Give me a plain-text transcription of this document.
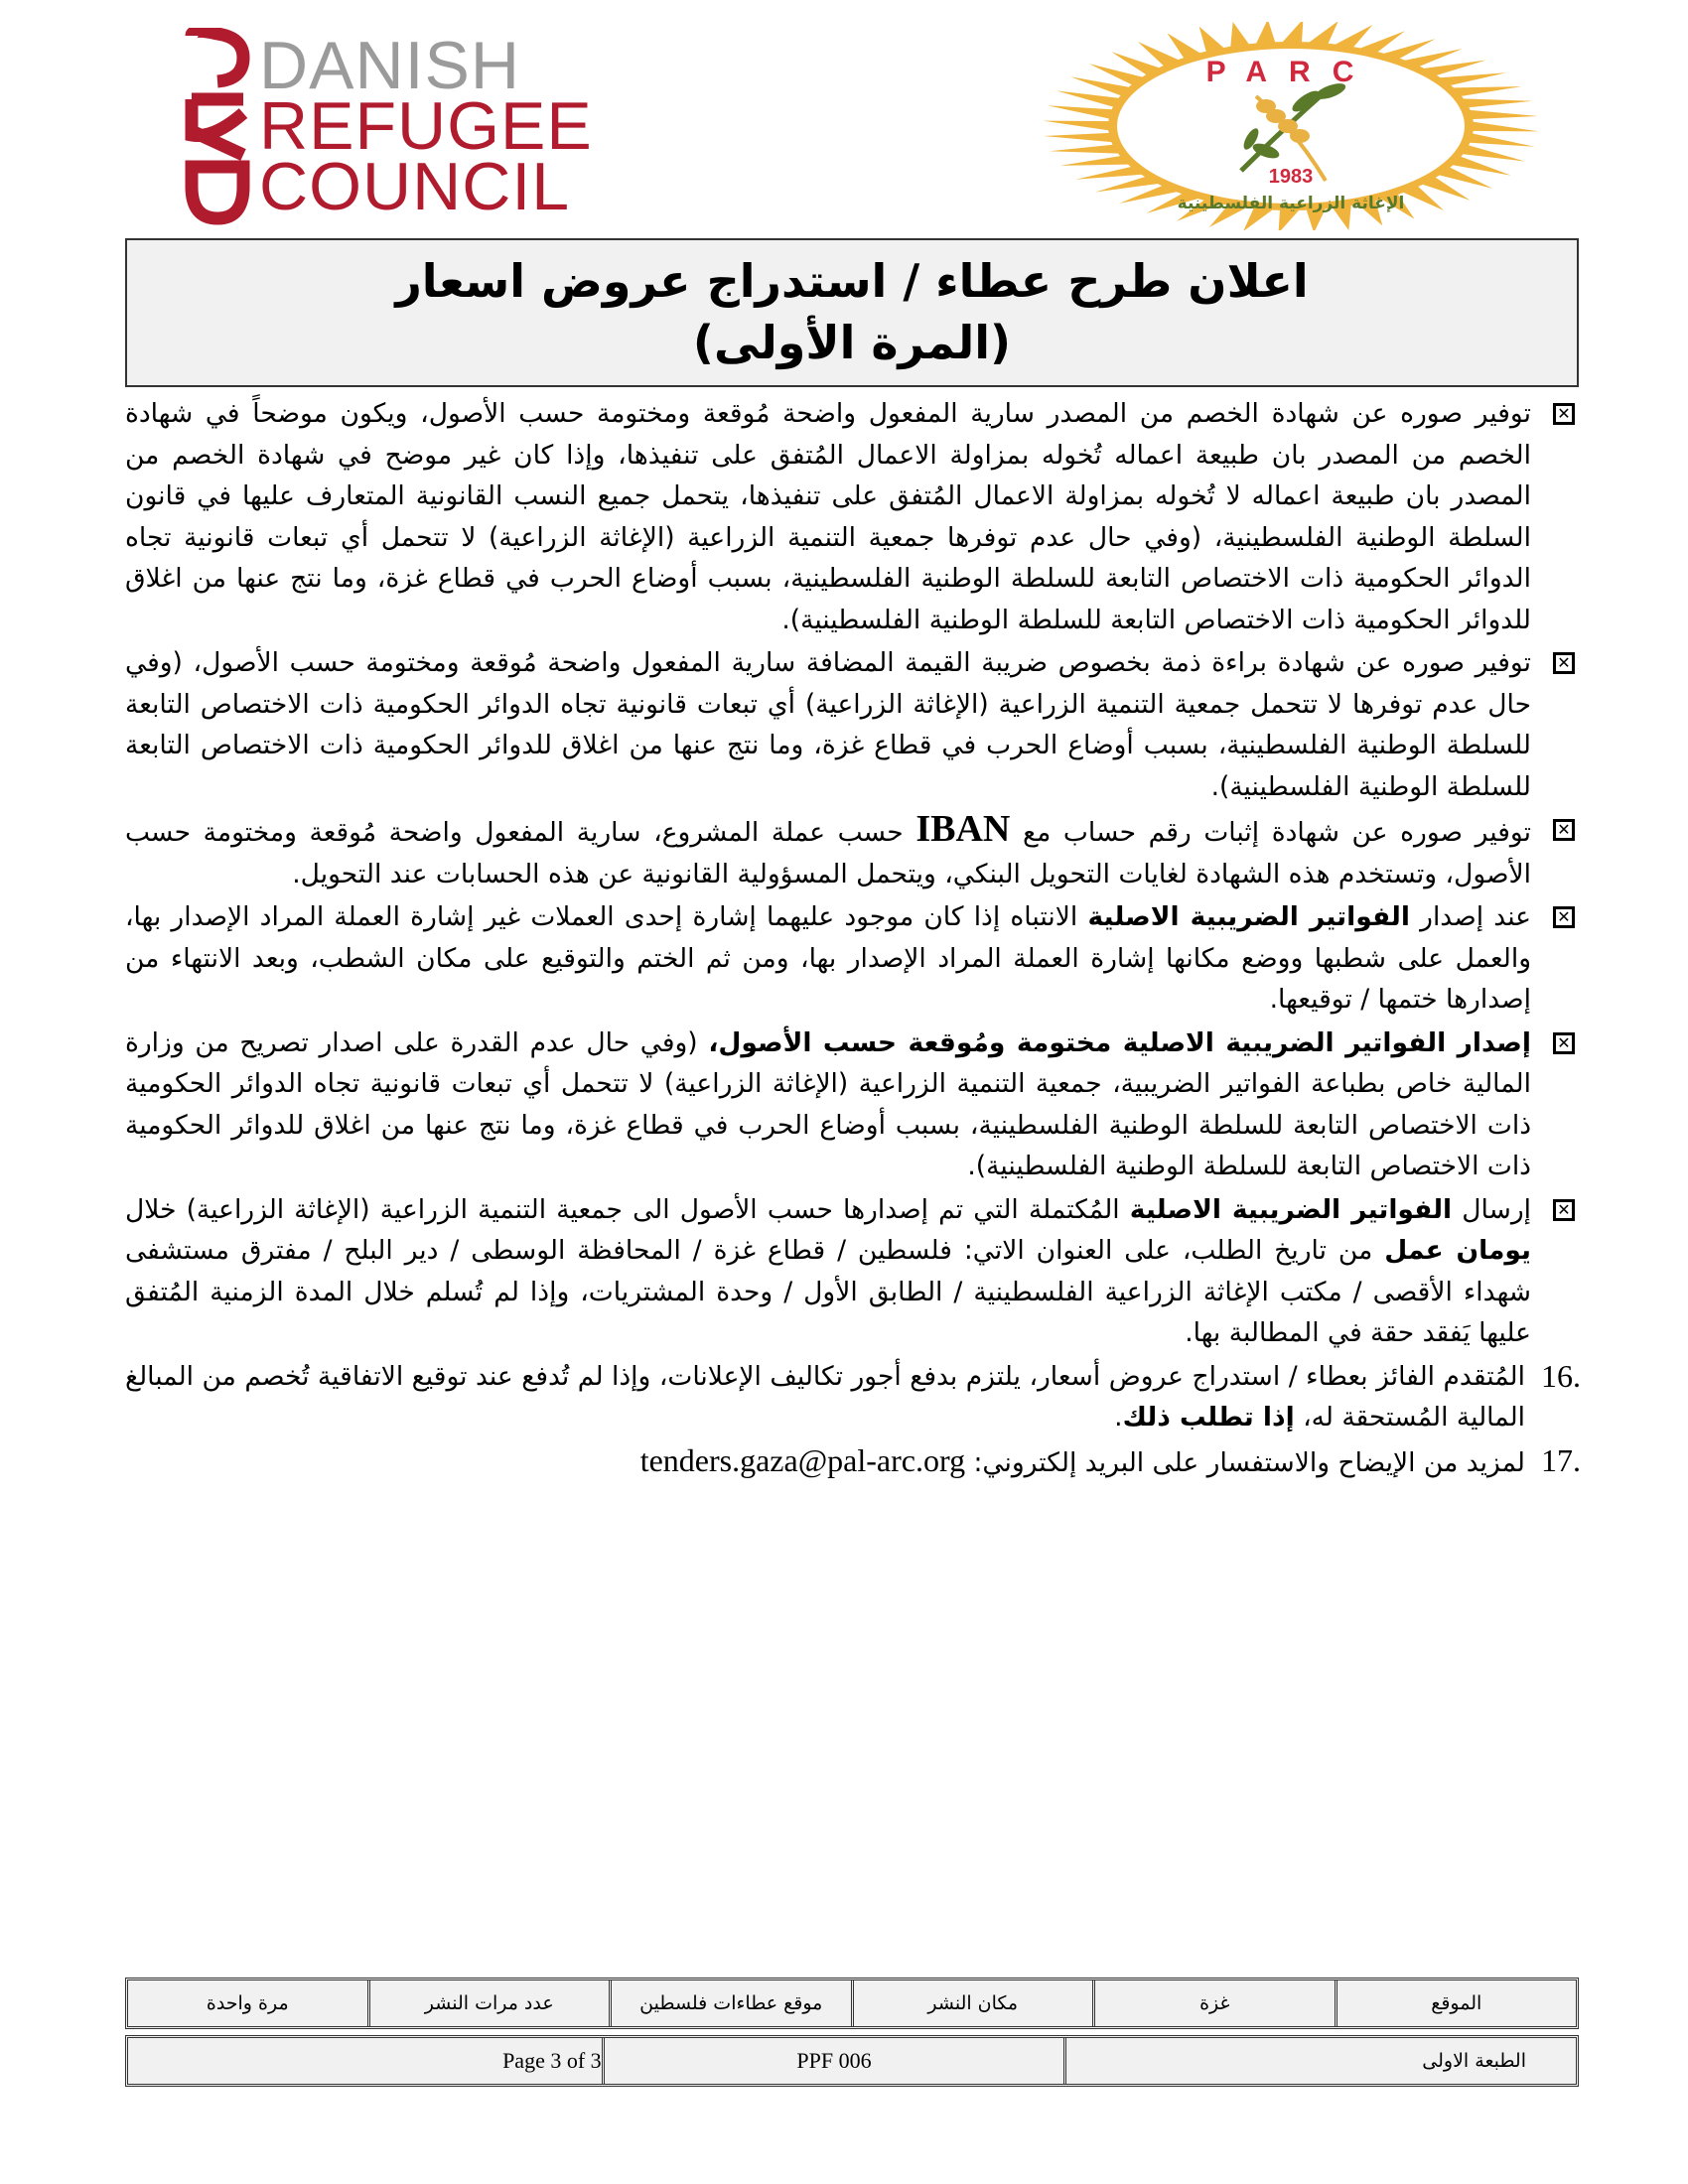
DANISH
REFUGEE
COUNCIL
PARC
1983
الإغاثة الزراعية الفلسطينية
اعلان طرح عطاء / استدراج عروض اسعار
(المرة الأولى)
✕
توفير صوره عن شهادة الخصم من المصدر سارية المفعول واضحة مُوقعة ومختومة حسب الأصول، ويكون موضحاً في شهادة الخصم من المصدر بان طبيعة اعماله تُخوله بمزاولة الاعمال المُتفق على تنفيذها، وإذا كان غير موضح في شهادة الخصم من المصدر بان طبيعة اعماله لا تُخوله بمزاولة الاعمال المُتفق على تنفيذها، يتحمل جميع النسب القانونية المتعارف عليها في قانون السلطة الوطنية الفلسطينية، (وفي حال عدم توفرها جمعية التنمية الزراعية (الإغاثة الزراعية) لا تتحمل أي تبعات قانونية تجاه الدوائر الحكومية ذات الاختصاص التابعة للسلطة الوطنية الفلسطينية، بسبب أوضاع الحرب في قطاع غزة، وما نتج عنها من اغلاق للدوائر الحكومية ذات الاختصاص التابعة للسلطة الوطنية الفلسطينية).
✕
توفير صوره عن شهادة براءة ذمة بخصوص ضريبة القيمة المضافة سارية المفعول واضحة مُوقعة ومختومة حسب الأصول، (وفي حال عدم توفرها لا تتحمل جمعية التنمية الزراعية (الإغاثة الزراعية) أي تبعات قانونية تجاه الدوائر الحكومية ذات الاختصاص التابعة للسلطة الوطنية الفلسطينية، بسبب أوضاع الحرب في قطاع غزة، وما نتج عنها من اغلاق للدوائر الحكومية ذات الاختصاص التابعة للسلطة الوطنية الفلسطينية).
✕
توفير صوره عن شهادة إثبات رقم حساب مع IBAN حسب عملة المشروع، سارية المفعول واضحة مُوقعة ومختومة حسب الأصول، وتستخدم هذه الشهادة لغايات التحويل البنكي، ويتحمل المسؤولية القانونية عن هذه الحسابات عند التحويل.
✕
عند إصدار الفواتير الضريبية الاصلية الانتباه إذا كان موجود عليهما إشارة إحدى العملات غير إشارة العملة المراد الإصدار بها، والعمل على شطبها ووضع مكانها إشارة العملة المراد الإصدار بها، ومن ثم الختم والتوقيع على مكان الشطب، وبعد الانتهاء من إصدارها ختمها / توقيعها.
✕
إصدار الفواتير الضريبية الاصلية مختومة ومُوقعة حسب الأصول، (وفي حال عدم القدرة على اصدار تصريح من وزارة المالية خاص بطباعة الفواتير الضريبية، جمعية التنمية الزراعية (الإغاثة الزراعية) لا تتحمل أي تبعات قانونية تجاه الدوائر الحكومية ذات الاختصاص التابعة للسلطة الوطنية الفلسطينية، بسبب أوضاع الحرب في قطاع غزة، وما نتج عنها من اغلاق للدوائر الحكومية ذات الاختصاص التابعة للسلطة الوطنية الفلسطينية).
✕
إرسال الفواتير الضريبية الاصلية المُكتملة التي تم إصدارها حسب الأصول الى جمعية التنمية الزراعية (الإغاثة الزراعية) خلال يومان عمل من تاريخ الطلب، على العنوان الاتي: فلسطين / قطاع غزة / المحافظة الوسطى / دير البلح / مفترق مستشفى شهداء الأقصى / مكتب الإغاثة الزراعية الفلسطينية / الطابق الأول / وحدة المشتريات، وإذا لم تُسلم خلال المدة الزمنية المُتفق عليها يَفقد حقة في المطالبة بها.
16.
المُتقدم الفائز بعطاء / استدراج عروض أسعار، يلتزم بدفع أجور تكاليف الإعلانات، وإذا لم تُدفع عند توقيع الاتفاقية تُخصم من المبالغ المالية المُستحقة له، إذا تطلب ذلك.
17.
لمزيد من الإيضاح والاستفسار على البريد إلكتروني: tenders.gaza@pal-arc.org
الموقع
غزة
مكان النشر
موقع عطاءات فلسطين
عدد مرات النشر
مرة واحدة
الطبعة الاولى
PPF 006
Page 3 of 3
